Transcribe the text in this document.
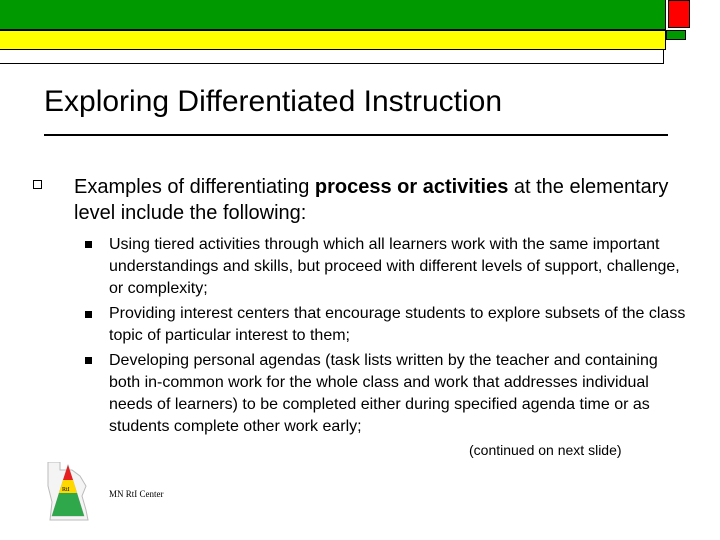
Exploring Differentiated Instruction
Examples of differentiating process or activities at the elementary level include the following:
Using tiered activities through which all learners work with the same important understandings and skills, but proceed with different levels of support, challenge, or complexity;
Providing interest centers that encourage students to explore subsets of the class topic of particular interest to them;
Developing personal agendas (task lists written by the teacher and containing both in-common work for the whole class and work that addresses individual needs of learners) to be completed either during specified agenda time or as students complete other work early;
(continued on next slide)
RtI	MN RtI Center
